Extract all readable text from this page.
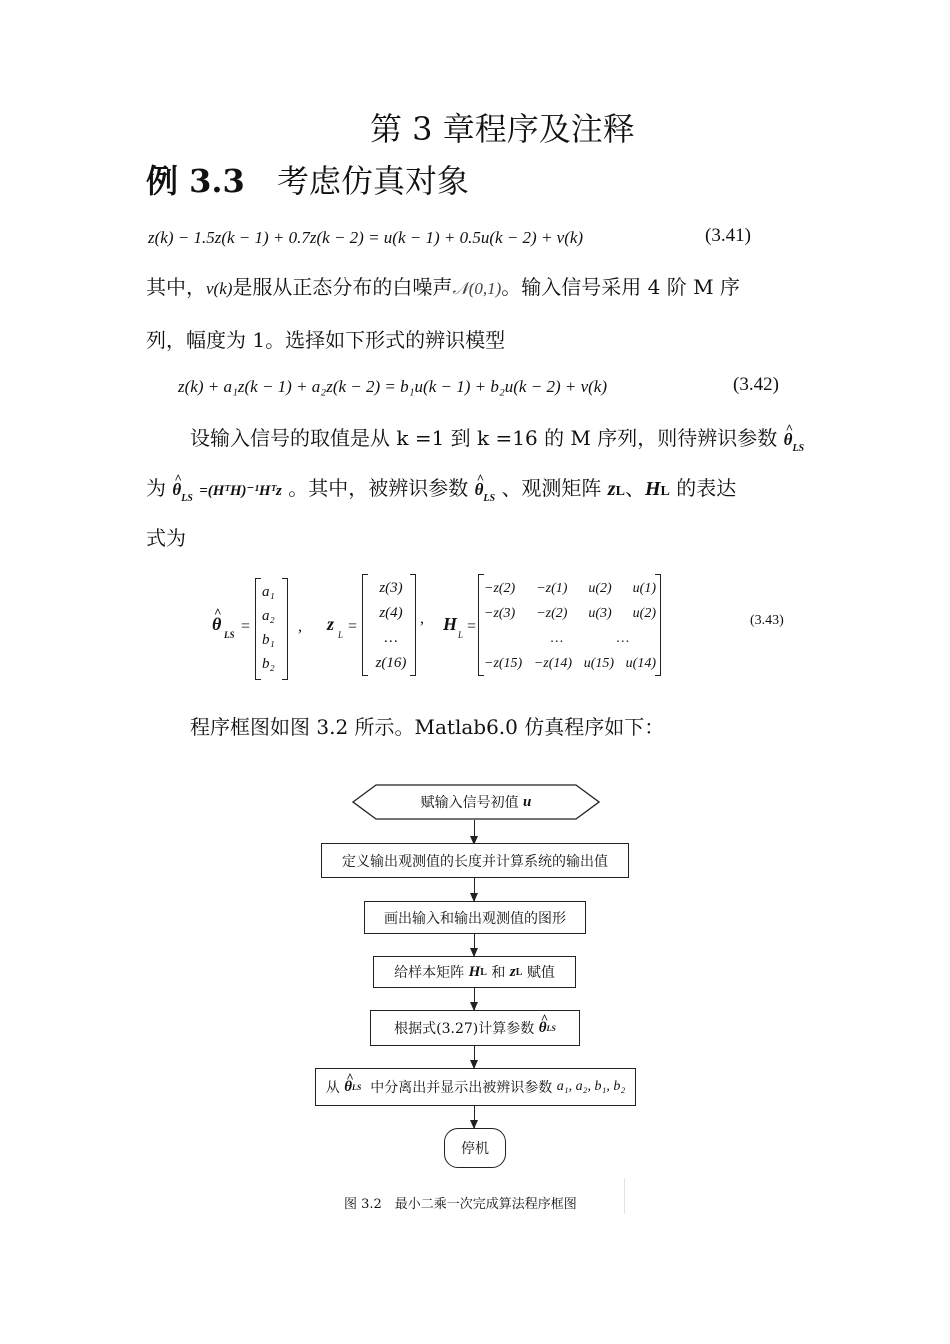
第 3 章程序及注释
例 3.3 考虑仿真对象
z(k) − 1.5z(k − 1) + 0.7z(k − 2) = u(k − 1) + 0.5u(k − 2) + v(k)	(3.41)
其中，v(k)是服从正态分布的白噪声𝒩(0,1)。输入信号采用 4 阶 M 序
列，幅度为 1。选择如下形式的辨识模型
z(k) + a₁z(k − 1) + a₂z(k − 2) = b₁u(k − 1) + b₂u(k − 2) + v(k)	(3.42)
设输入信号的取值是从 k =1 到 k =16 的 M 序列，则待辨识参数 ^ $\theta_{LS}$
为 ^ $\theta_{LS}$ =(HᵀH)⁻¹Hᵀz 。其中，被辨识参数 ^ $\theta_{LS}$ 、观测矩阵 zL、HL 的表达
式为
^ θ
LS =
a₁
a₂
b₁
b₂
, z
L =
z(3)
z(4)
…
z(16)
, H
L =
−z(2) −z(1) u(2) u(1)
−z(3) −z(2) u(3) u(2)
…	…
−z(15) −z(14) u(15) u(14)
(3.43)
程序框图如图 3.2 所示。Matlab6.0 仿真程序如下：
赋输入信号初值
u
定义输出观测值的长度并计算系统的输出值
画出输入和输出观测值的图形
给样本矩阵
H L
和
z L
赋值
根据式(3.27)计算参数
^ θ LS
从
^ θ LS
中分离出并显示出被辨识参数
a₁, a₂, b₁, b₂
停机
图 3.2　最小二乘一次完成算法程序框图
